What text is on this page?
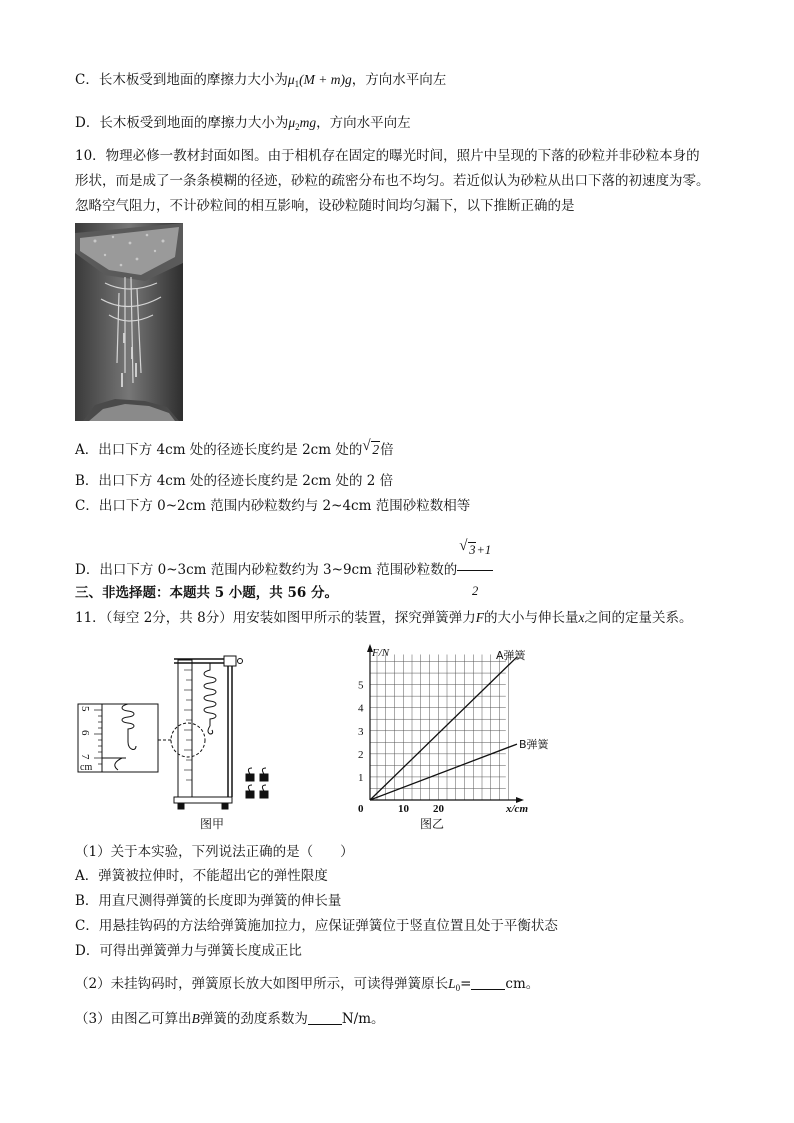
C．长木板受到地面的摩擦力大小为$\mu_1(M + m)g$，方向水平向左
D．长木板受到地面的摩擦力大小为$\mu_2mg$，方向水平向左
10．物理必修一教材封面如图。由于相机存在固定的曝光时间，照片中呈现的下落的砂粒并非砂粒本身的
形状，而是成了一条条模糊的径迹，砂粒的疏密分布也不均匀。若近似认为砂粒从出口下落的初速度为零。
忽略空气阻力，不计砂粒间的相互影响，设砂粒随时间均匀漏下，以下推断正确的是
A．出口下方 4cm 处的径迹长度约是 2cm 处的 √ 2倍
B．出口下方 4cm 处的径迹长度约是 2cm 处的 2 倍
C．出口下方 0~2cm 范围内砂粒数约与 2~4cm 范围砂粒数相等
D．出口下方 0~3cm 范围内砂粒数约为 3~9cm 范围砂粒数的 $\frac{√ 3+1}{2}$
三、非选择题：本题共 5 小题，共 56 分。
11．（每空 2分，共 8分）用安装如图甲所示的装置，探究弹簧弹力F的大小与伸长量x之间的定量关系。
5
6
7
cm
图甲
F/N
x/cm
1
2
3
4
5
0	10 20
A弹簧
B弹簧
图乙
（1）关于本实验，下列说法正确的是（　　）
A．弹簧被拉伸时，不能超出它的弹性限度
B．用直尺测得弹簧的长度即为弹簧的伸长量
C．用悬挂钩码的方法给弹簧施加拉力，应保证弹簧位于竖直位置且处于平衡状态
D．可得出弹簧弹力与弹簧长度成正比
（2）未挂钩码时，弹簧原长放大如图甲所示，可读得弹簧原长$L_0=$	cm。
（3）由图乙可算出B弹簧的劲度系数为	N/m。
